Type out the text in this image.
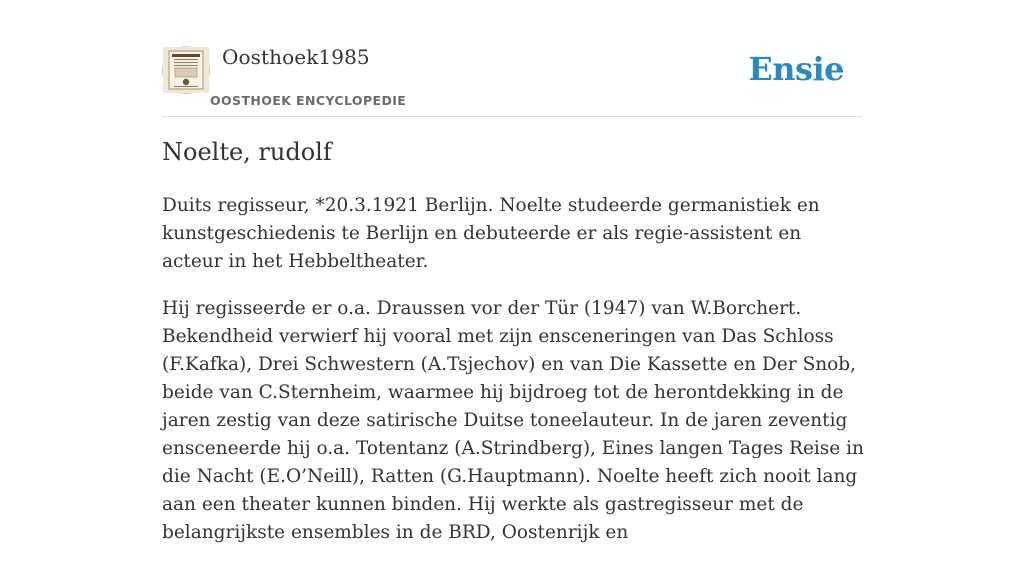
Oosthoek1985
OOSTHOEK ENCYCLOPEDIE
Ensie
Noelte, rudolf

Duits regisseur, *20.3.1921 Berlijn. Noelte studeerde germanistiek en kunstgeschiedenis te Berlijn en debuteerde er als regie-assistent en acteur in het Hebbeltheater.

Hij regisseerde er o.a. Draussen vor der Tür (1947) van W.Borchert. Bekendheid verwierf hij vooral met zijn ensceneringen van Das Schloss (F.Kafka), Drei Schwestern (A.Tsjechov) en van Die Kassette en Der Snob, beide van C.Sternheim, waarmee hij bijdroeg tot de herontdekking in de jaren zestig van deze satirische Duitse toneelauteur. In de jaren zeventig ensceneerde hij o.a. Totentanz (A.Strindberg), Eines langen Tages Reise in die Nacht (E.O’Neill), Ratten (G.Hauptmann). Noelte heeft zich nooit lang aan een theater kunnen binden. Hij werkte als gastregisseur met de belangrijkste ensembles in de BRD, Oostenrijk en
